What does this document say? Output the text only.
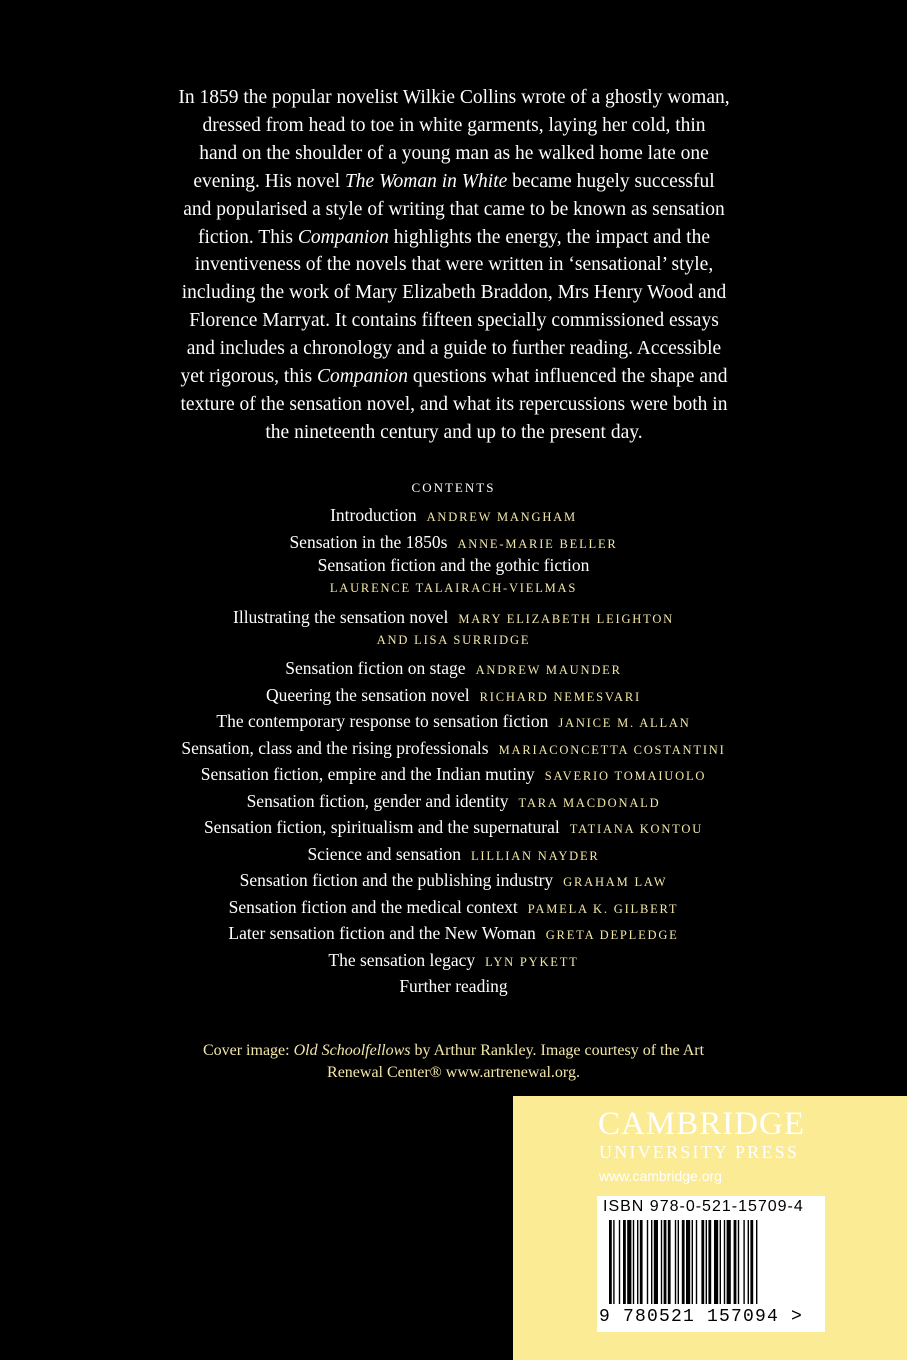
In 1859 the popular novelist Wilkie Collins wrote of a ghostly woman,
dressed from head to toe in white garments, laying her cold, thin
hand on the shoulder of a young man as he walked home late one
evening. His novel The Woman in White became hugely successful
and popularised a style of writing that came to be known as sensation
fiction. This Companion highlights the energy, the impact and the
inventiveness of the novels that were written in ‘sensational’ style,
including the work of Mary Elizabeth Braddon, Mrs Henry Wood and
Florence Marryat. It contains fifteen specially commissioned essays
and includes a chronology and a guide to further reading. Accessible
yet rigorous, this Companion questions what influenced the shape and
texture of the sensation novel, and what its repercussions were both in
the nineteenth century and up to the present day.
CONTENTS
Introduction ANDREW MANGHAM
Sensation in the 1850s ANNE-MARIE BELLER
Sensation fiction and the gothic fiction
LAURENCE TALAIRACH-VIELMAS
Illustrating the sensation novel MARY ELIZABETH LEIGHTON
AND LISA SURRIDGE
Sensation fiction on stage ANDREW MAUNDER
Queering the sensation novel RICHARD NEMESVARI
The contemporary response to sensation fiction JANICE M. ALLAN
Sensation, class and the rising professionals MARIACONCETTA COSTANTINI
Sensation fiction, empire and the Indian mutiny SAVERIO TOMAIUOLO
Sensation fiction, gender and identity TARA MACDONALD
Sensation fiction, spiritualism and the supernatural TATIANA KONTOU
Science and sensation LILLIAN NAYDER
Sensation fiction and the publishing industry GRAHAM LAW
Sensation fiction and the medical context PAMELA K. GILBERT
Later sensation fiction and the New Woman GRETA DEPLEDGE
The sensation legacy LYN PYKETT
Further reading
Cover image: Old Schoolfellows by Arthur Rankley. Image courtesy of the Art
Renewal Center® www.artrenewal.org.
CAMBRIDGE
UNIVERSITY PRESS
www.cambridge.org
ISBN 978-0-521-15709-4
9 780521 157094 >
